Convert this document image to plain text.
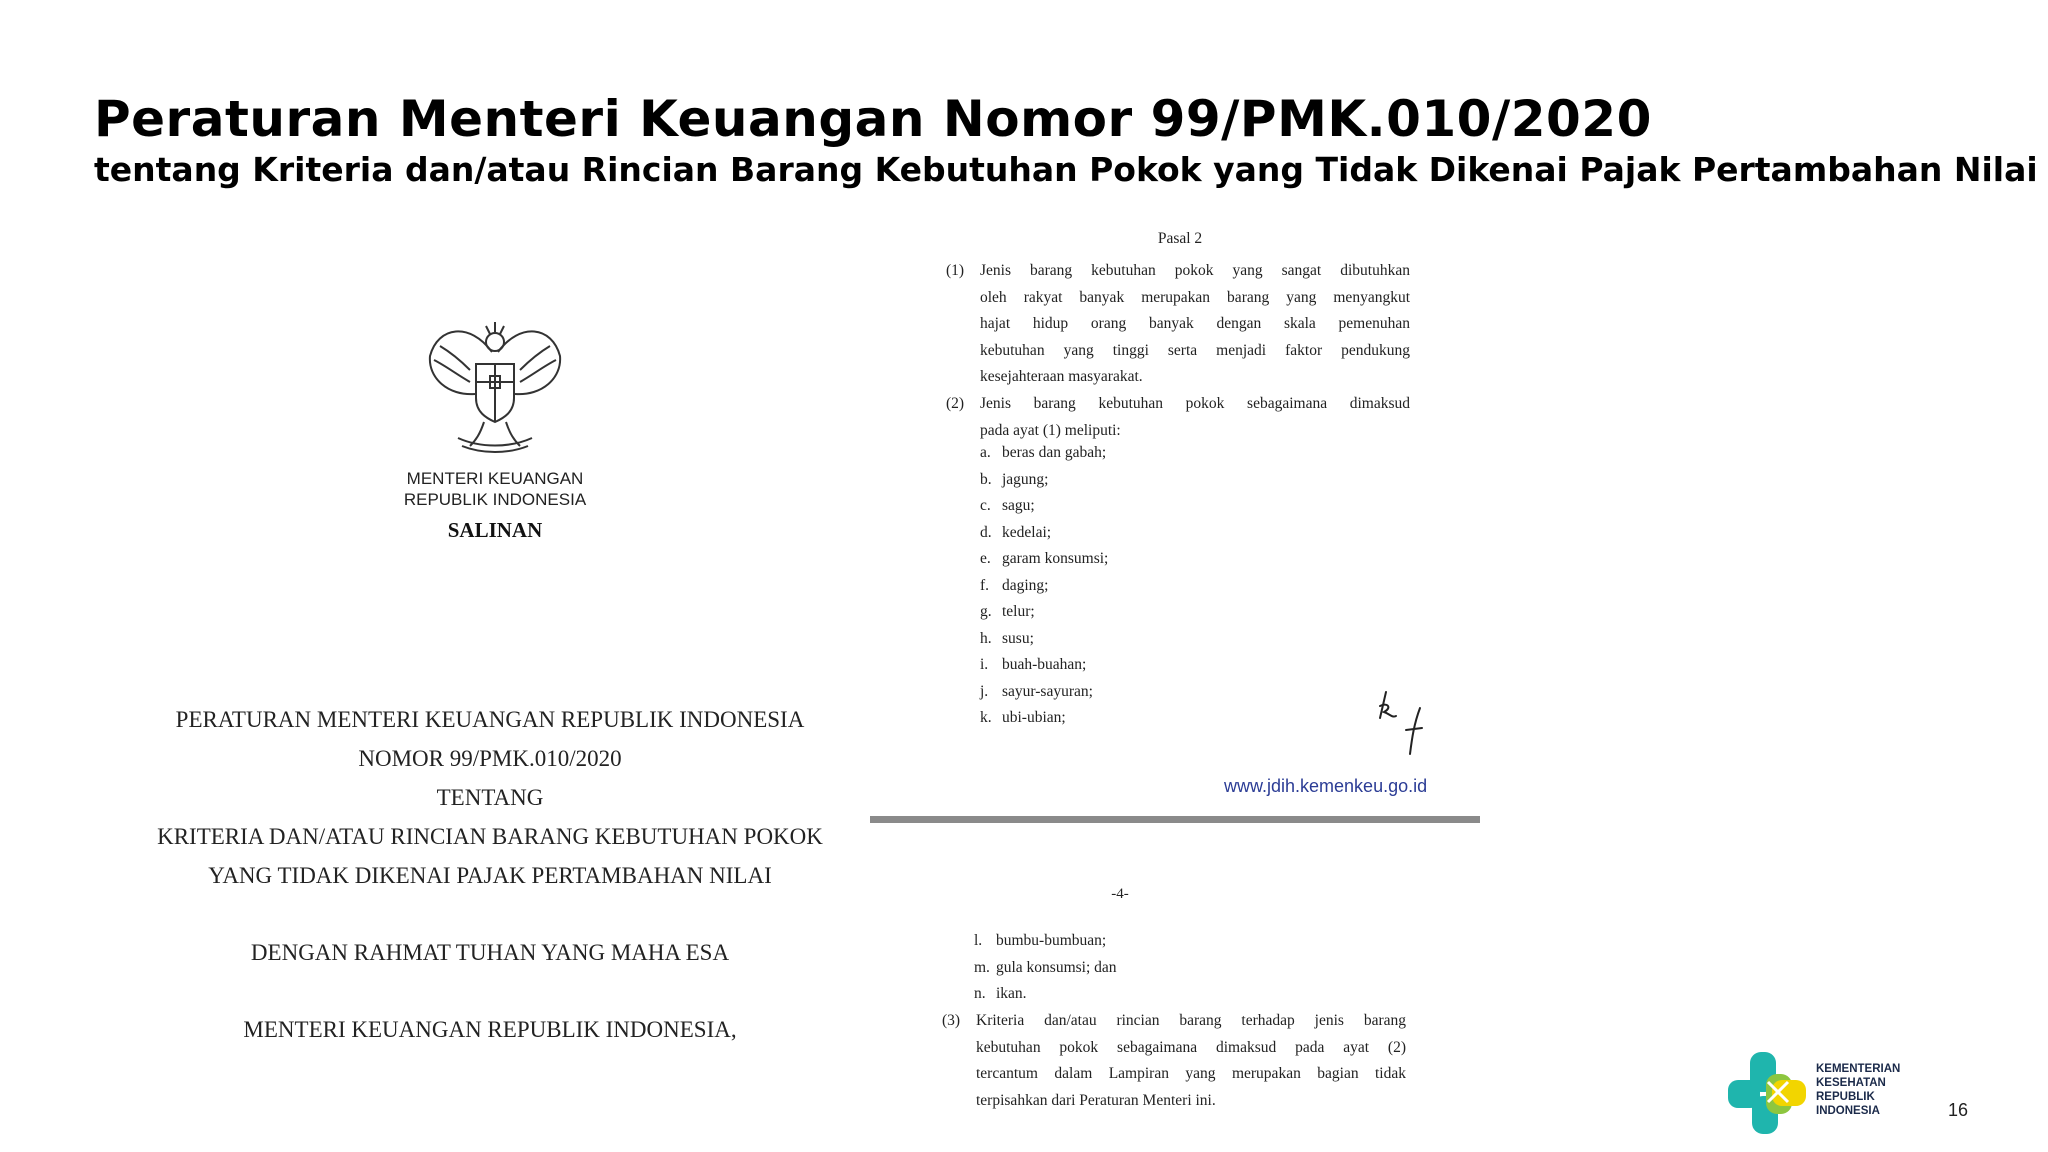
Peraturan Menteri Keuangan Nomor 99/PMK.010/2020
tentang Kriteria dan/atau Rincian Barang Kebutuhan Pokok yang Tidak Dikenai Pajak Pertambahan Nilai
MENTERI KEUANGAN
REPUBLIK INDONESIA
SALINAN
PERATURAN MENTERI KEUANGAN REPUBLIK INDONESIA
NOMOR 99/PMK.010/2020
TENTANG
KRITERIA DAN/ATAU RINCIAN BARANG KEBUTUHAN POKOK
YANG TIDAK DIKENAI PAJAK PERTAMBAHAN NILAI
DENGAN RAHMAT TUHAN YANG MAHA ESA
MENTERI KEUANGAN REPUBLIK INDONESIA,
Pasal 2
(1) Jenis barang kebutuhan pokok yang sangat dibutuhkan
oleh rakyat banyak merupakan barang yang menyangkut
hajat hidup orang banyak dengan skala pemenuhan
kebutuhan yang tinggi serta menjadi faktor pendukung
kesejahteraan masyarakat.
(2) Jenis barang kebutuhan pokok sebagaimana dimaksud
pada ayat (1) meliputi:
a. beras dan gabah;
b. jagung;
c. sagu;
d. kedelai;
e. garam konsumsi;
f. daging;
g. telur;
h. susu;
i. buah-buahan;
j. sayur-sayuran;
k. ubi-ubian;
www.jdih.kemenkeu.go.id
-4-
l. bumbu-bumbuan;
m. gula konsumsi; dan
n. ikan.
(3) Kriteria dan/atau rincian barang terhadap jenis barang
kebutuhan pokok sebagaimana dimaksud pada ayat (2)
tercantum dalam Lampiran yang merupakan bagian tidak
terpisahkan dari Peraturan Menteri ini.
KEMENTERIAN
KESEHATAN
REPUBLIK
INDONESIA	16
